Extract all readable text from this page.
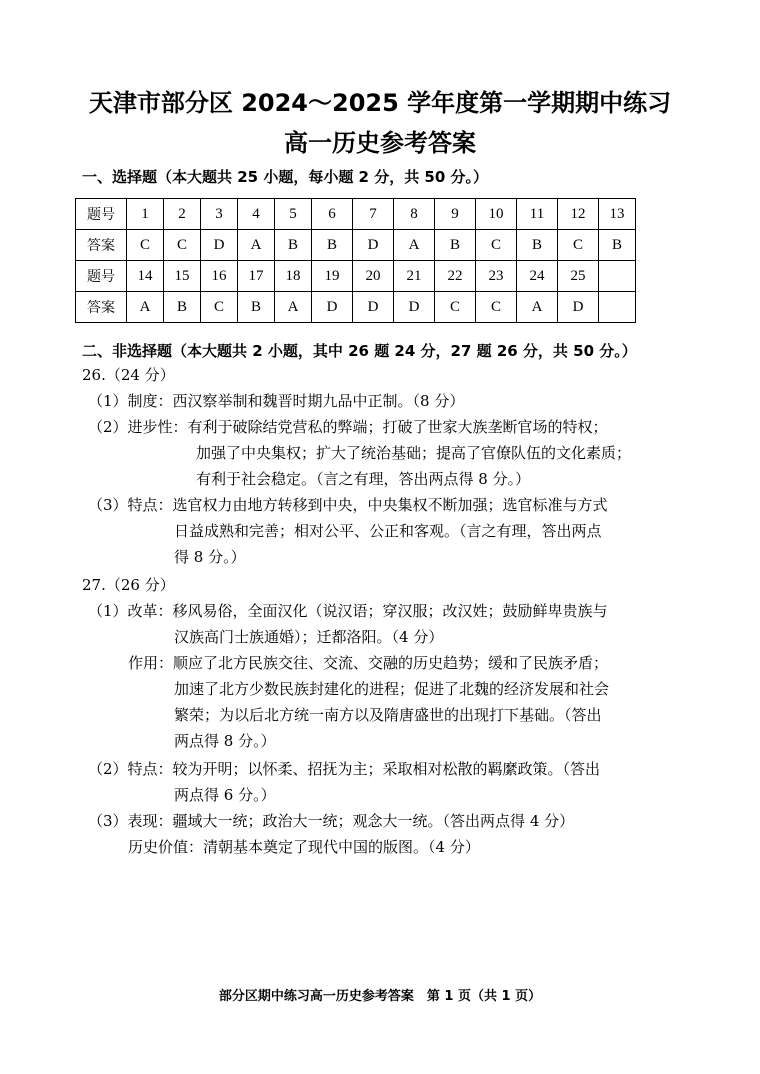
天津市部分区 2024～2025 学年度第一学期期中练习
高一历史参考答案
一、选择题（本大题共 25 小题，每小题 2 分，共 50 分。）
题号	1	2	3	4	5	6	7	8	9	10	11	12	13
答案	C	C	D	A	B	B	D	A	B	C	B	C	B
题号	14	15	16	17	18	19	20	21	22	23	24	25	
答案	A	B	C	B	A	D	D	D	C	C	A	D	
二、非选择题（本大题共 2 小题，其中 26 题 24 分，27 题 26 分，共 50 分。）
26.（24 分）
（1）制度：西汉察举制和魏晋时期九品中正制。（8 分）
（2）进步性：有利于破除结党营私的弊端；打破了世家大族垄断官场的特权；
加强了中央集权；扩大了统治基础；提高了官僚队伍的文化素质；
有利于社会稳定。（言之有理，答出两点得 8 分。）
（3）特点：选官权力由地方转移到中央，中央集权不断加强；选官标准与方式
日益成熟和完善；相对公平、公正和客观。（言之有理，答出两点
得 8 分。）
27.（26 分）
（1）改革：移风易俗，全面汉化（说汉语；穿汉服；改汉姓；鼓励鲜卑贵族与
汉族高门士族通婚）；迁都洛阳。（4 分）
作用：顺应了北方民族交往、交流、交融的历史趋势；缓和了民族矛盾；
加速了北方少数民族封建化的进程；促进了北魏的经济发展和社会
繁荣；为以后北方统一南方以及隋唐盛世的出现打下基础。（答出
两点得 8 分。）
（2）特点：较为开明；以怀柔、招抚为主；采取相对松散的羁縻政策。（答出
两点得 6 分。）
（3）表现：疆域大一统；政治大一统；观念大一统。（答出两点得 4 分）
历史价值：清朝基本奠定了现代中国的版图。（4 分）
部分区期中练习高一历史参考答案　第 1 页（共 1 页）
